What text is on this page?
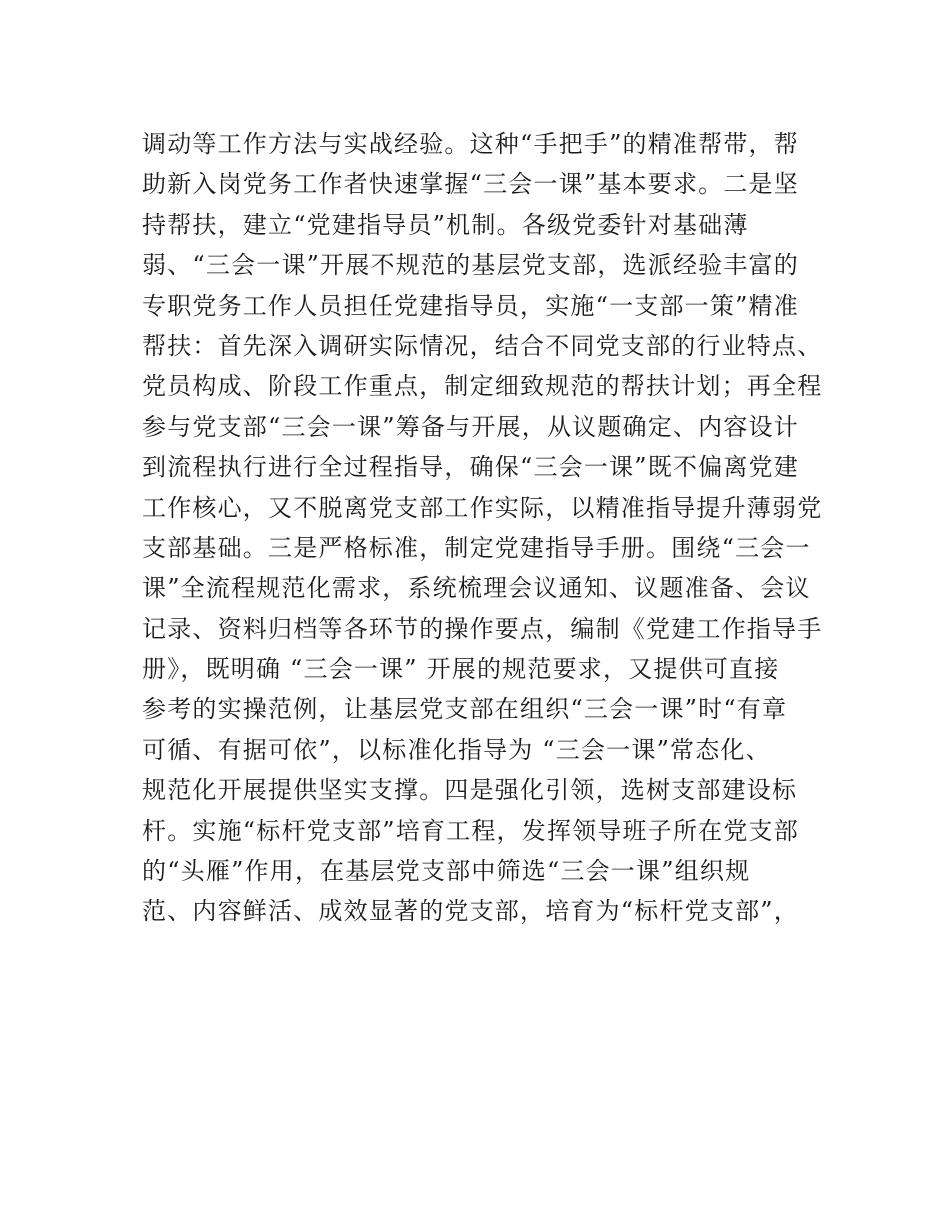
调动等工作方法与实战经验。这种“手把手”的精准帮带，帮
助新入岗党务工作者快速掌握“三会一课”基本要求。二是坚
持帮扶，建立“党建指导员”机制。各级党委针对基础薄
弱、“三会一课”开展不规范的基层党支部，选派经验丰富的
专职党务工作人员担任党建指导员，实施“一支部一策”精准
帮扶：首先深入调研实际情况，结合不同党支部的行业特点、
党员构成、阶段工作重点，制定细致规范的帮扶计划；再全程
参与党支部“三会一课”筹备与开展，从议题确定、内容设计
到流程执行进行全过程指导，确保“三会一课”既不偏离党建
工作核心，又不脱离党支部工作实际，以精准指导提升薄弱党
支部基础。三是严格标准，制定党建指导手册。围绕“三会一
课”全流程规范化需求，系统梳理会议通知、议题准备、会议
记录、资料归档等各环节的操作要点，编制《党建工作指导手
册》，既明确 “三会一课” 开展的规范要求，又提供可直接
参考的实操范例，让基层党支部在组织“三会一课”时“有章
可循、有据可依”，以标准化指导为 “三会一课”常态化、
规范化开展提供坚实支撑。四是强化引领，选树支部建设标
杆。实施“标杆党支部”培育工程，发挥领导班子所在党支部
的“头雁”作用，在基层党支部中筛选“三会一课”组织规
范、内容鲜活、成效显著的党支部，培育为“标杆党支部”，
